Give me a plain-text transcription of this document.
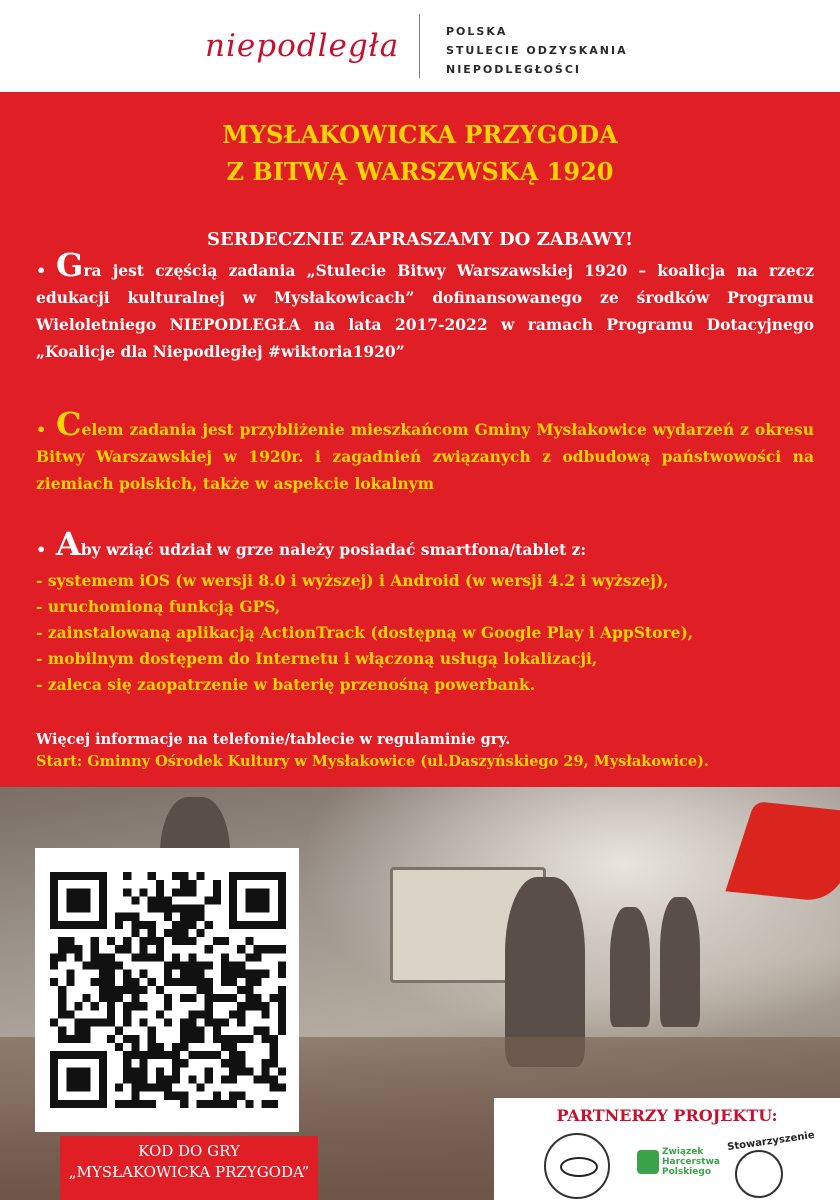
niepodległa	POLSKA
STULECIE ODZYSKANIA
NIEPODLEGŁOŚCI
MYSŁAKOWICKA PRZYGODA
Z BITWĄ WARSZWSKĄ 1920
SERDECZNIE ZAPRASZAMY DO ZABAWY!
• Gra jest częścią zadania „Stulecie Bitwy Warszawskiej 1920 – koalicja na rzecz edukacji kulturalnej w Mysłakowicach” dofinansowanego ze środków Programu Wieloletniego NIEPODLEGŁA na lata 2017-2022 w ramach Programu Dotacyjnego „Koalicje dla Niepodległej #wiktoria1920”
• Celem zadania jest przybliżenie mieszkańcom Gminy Mysłakowice wydarzeń z okresu Bitwy Warszawskiej w 1920r. i zagadnień związanych z odbudową państwowości na ziemiach polskich, także w aspekcie lokalnym
• Aby wziąć udział w grze należy posiadać smartfona/tablet z:
- systemem iOS (w wersji 8.0 i wyższej) i Android (w wersji 4.2 i wyższej),
- uruchomioną funkcją GPS,
- zainstalowaną aplikacją ActionTrack (dostępną w Google Play i AppStore),
- mobilnym dostępem do Internetu i włączoną usługą lokalizacji,
- zaleca się zaopatrzenie w baterię przenośną powerbank.
Więcej informacje na telefonie/tablecie w regulaminie gry.
Start: Gminny Ośrodek Kultury w Mysłakowice (ul.Daszyńskiego 29, Mysłakowice).
KOD DO GRY
„MYSŁAKOWICKA PRZYGODA”
PARTNERZY PROJEKTU:
Związek
Harcerstwa
Polskiego
Stowarzyszenie
